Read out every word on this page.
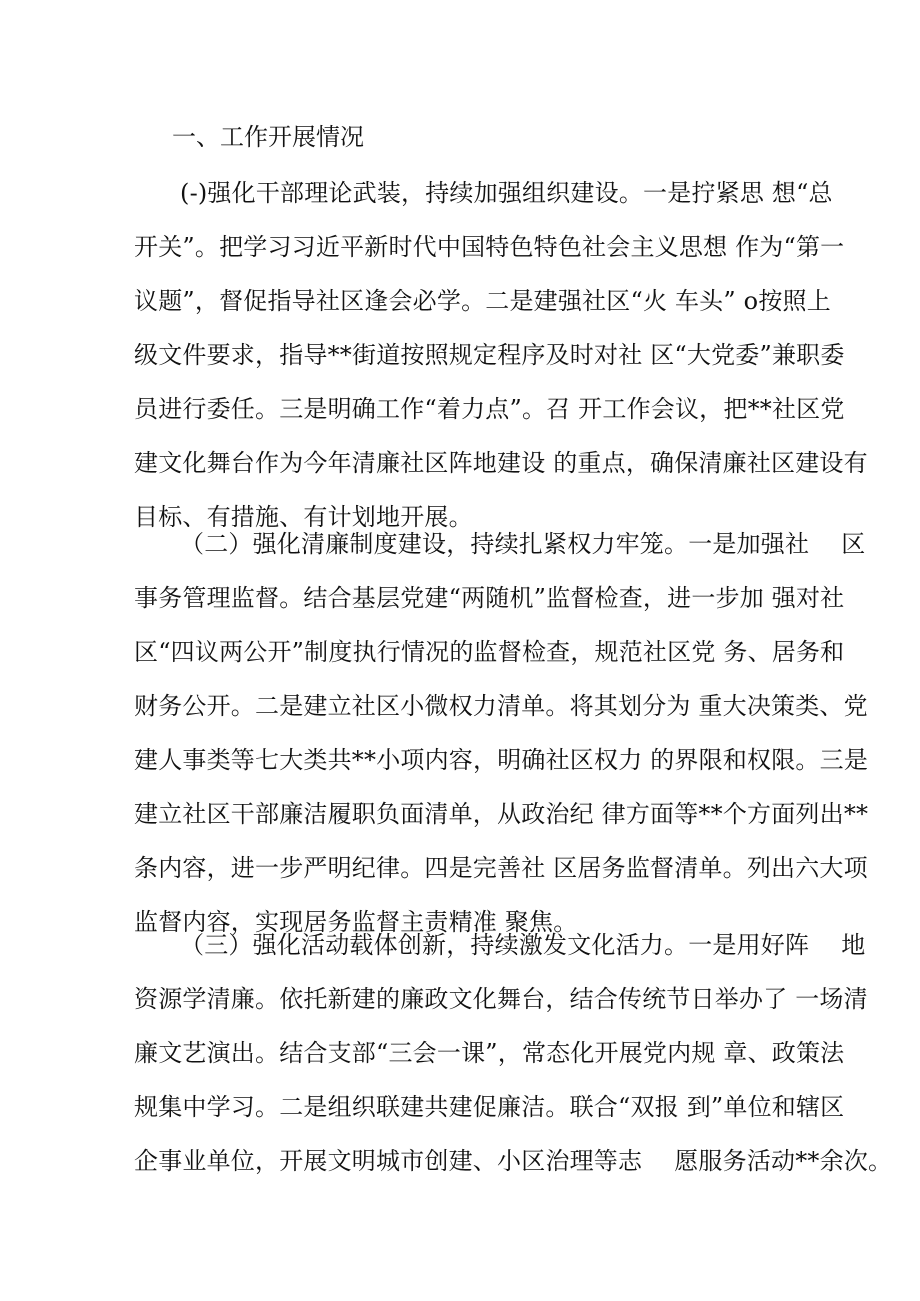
一、工作开展情况
(-)强化干部理论武装，持续加强组织建设。一是拧紧思 想“总
开关”。把学习习近平新时代中国特色特色社会主义思想 作为“第一
议题”，督促指导社区逢会必学。二是建强社区“火 车头” o按照上
级文件要求，指导**街道按照规定程序及时对社 区“大党委”兼职委
员进行委任。三是明确工作“着力点”。召 开工作会议，把**社区党
建文化舞台作为今年清廉社区阵地建设 的重点，确保清廉社区建设有
目标、有措施、有计划地开展。
（二）强化清廉制度建设，持续扎紧权力牢笼。一是加强社　 区
事务管理监督。结合基层党建“两随机”监督检查，进一步加 强对社
区“四议两公开”制度执行情况的监督检查，规范社区党 务、居务和
财务公开。二是建立社区小微权力清单。将其划分为 重大决策类、党
建人事类等七大类共**小项内容，明确社区权力 的界限和权限。三是
建立社区干部廉洁履职负面清单，从政治纪 律方面等**个方面列出**
条内容，进一步严明纪律。四是完善社 区居务监督清单。列出六大项
监督内容，实现居务监督主责精准 聚焦。
（三）强化活动载体创新，持续激发文化活力。一是用好阵　 地
资源学清廉。依托新建的廉政文化舞台，结合传统节日举办了 一场清
廉文艺演出。结合支部“三会一课”，常态化开展党内规 章、政策法
规集中学习。二是组织联建共建促廉洁。联合“双报 到”单位和辖区
企事业单位，开展文明城市创建、小区治理等志　 愿服务活动**余次。
